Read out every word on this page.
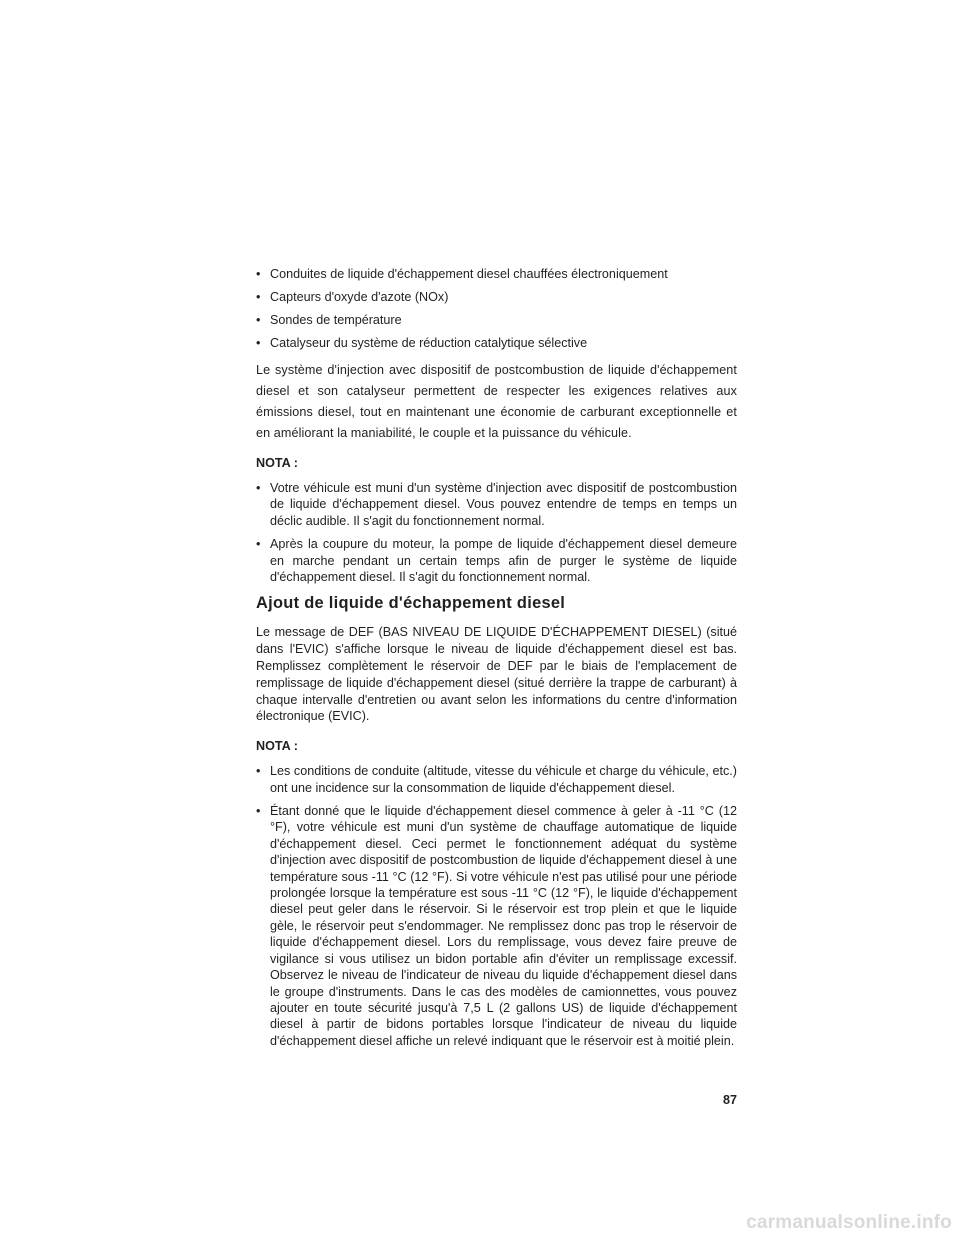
• Conduites de liquide d'échappement diesel chauffées électroniquement
• Capteurs d'oxyde d'azote (NOx)
• Sondes de température
• Catalyseur du système de réduction catalytique sélective

Le système d'injection avec dispositif de postcombustion de liquide d'échappement diesel et son catalyseur permettent de respecter les exigences relatives aux émissions diesel, tout en maintenant une économie de carburant exceptionnelle et en améliorant la maniabilité, le couple et la puissance du véhicule.

NOTA :
• Votre véhicule est muni d'un système d'injection avec dispositif de postcombustion de liquide d'échappement diesel. Vous pouvez entendre de temps en temps un déclic audible. Il s'agit du fonctionnement normal.
• Après la coupure du moteur, la pompe de liquide d'échappement diesel demeure en marche pendant un certain temps afin de purger le système de liquide d'échappement diesel. Il s'agit du fonctionnement normal.
Ajout de liquide d'échappement diesel

Le message de DEF (BAS NIVEAU DE LIQUIDE D'ÉCHAPPEMENT DIESEL) (situé dans l'EVIC) s'affiche lorsque le niveau de liquide d'échappement diesel est bas. Remplissez complètement le réservoir de DEF par le biais de l'emplacement de remplissage de liquide d'échappement diesel (situé derrière la trappe de carburant) à chaque intervalle d'entretien ou avant selon les informations du centre d'information électronique (EVIC).

NOTA :
• Les conditions de conduite (altitude, vitesse du véhicule et charge du véhicule, etc.) ont une incidence sur la consommation de liquide d'échappement diesel.
• Étant donné que le liquide d'échappement diesel commence à geler à -11 °C (12 °F), votre véhicule est muni d'un système de chauffage automatique de liquide d'échappement diesel. Ceci permet le fonctionnement adéquat du système d'injection avec dispositif de postcombustion de liquide d'échappement diesel à une température sous -11 °C (12 °F). Si votre véhicule n'est pas utilisé pour une période prolongée lorsque la température est sous -11 °C (12 °F), le liquide d'échappement diesel peut geler dans le réservoir. Si le réservoir est trop plein et que le liquide gèle, le réservoir peut s'endommager. Ne remplissez donc pas trop le réservoir de liquide d'échappement diesel. Lors du remplissage, vous devez faire preuve de vigilance si vous utilisez un bidon portable afin d'éviter un remplissage excessif. Observez le niveau de l'indicateur de niveau du liquide d'échappement diesel dans le groupe d'instruments. Dans le cas des modèles de camionnettes, vous pouvez ajouter en toute sécurité jusqu'à 7,5 L (2 gallons US) de liquide d'échappement diesel à partir de bidons portables lorsque l'indicateur de niveau du liquide d'échappement diesel affiche un relevé indiquant que le réservoir est à moitié plein.
87
carmanualsonline.info
